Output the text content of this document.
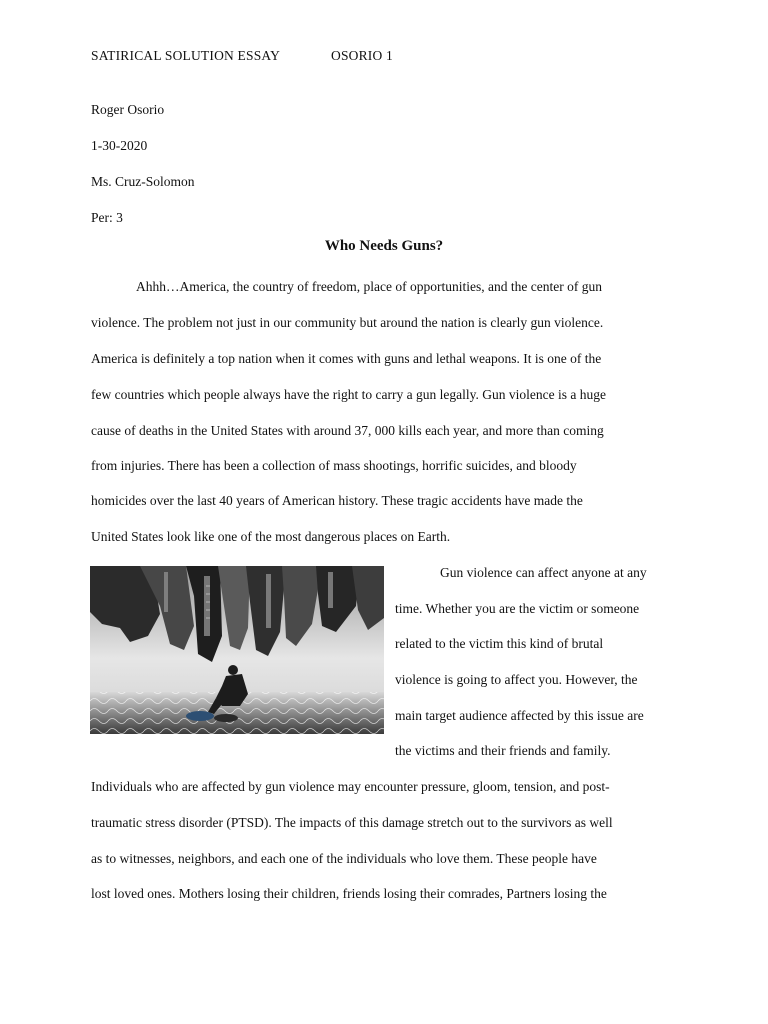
SATIRICAL SOLUTION ESSAY	OSORIO 1
Roger Osorio
1-30-2020
Ms. Cruz-Solomon
Per: 3
Who Needs Guns?
Ahhh…America, the country of freedom, place of opportunities, and the center of gun
violence. The problem not just in our community but around the nation is clearly gun violence.
America is definitely a top nation when it comes with guns and lethal weapons. It is one of the
few countries which people always have the right to carry a gun legally. Gun violence is a huge
cause of deaths in the United States with around 37, 000 kills each year, and more than coming
from injuries. There has been a collection of mass shootings, horrific suicides, and bloody
homicides over the last 40 years of American history. These tragic accidents have made the
United States look like one of the most dangerous places on Earth.
Gun violence can affect anyone at any
time. Whether you are the victim or someone
related to the victim this kind of brutal
violence is going to affect you. However, the
main target audience affected by this issue are
the victims and their friends and family.
Individuals who are affected by gun violence may encounter pressure, gloom, tension, and post-
traumatic stress disorder (PTSD). The impacts of this damage stretch out to the survivors as well
as to witnesses, neighbors, and each one of the individuals who love them. These people have
lost loved ones. Mothers losing their children, friends losing their comrades, Partners losing the
